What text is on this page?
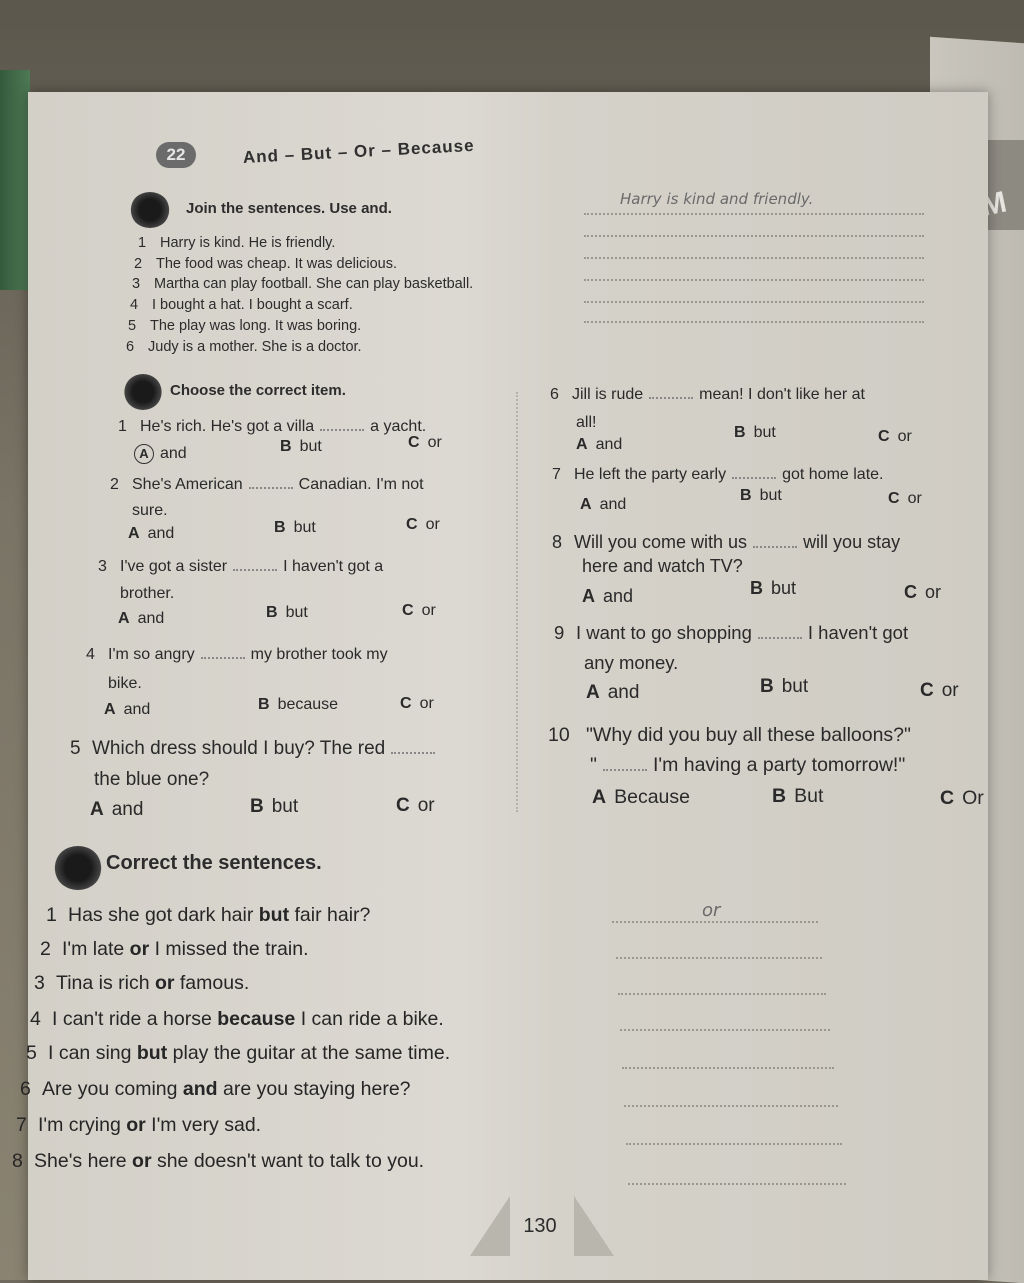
22	And – But – Or – Because
Join the sentences. Use and.
1 Harry is kind. He is friendly.
2 The food was cheap. It was delicious.
3 Martha can play football. She can play basketball.
4 I bought a hat. I bought a scarf.
5 The play was long. It was boring.
6 Judy is a mother. She is a doctor.
Harry is kind and friendly.
Choose the correct item.
1 He's rich. He's got a villa	a yacht.
A and	B but	C or
2 She's American	Canadian. I'm not
sure.
A and	B but	C or
3 I've got a sister	I haven't got a
brother.
A and	B but	C or
4 I'm so angry	my brother took my
bike.
A and	B because	C or
5 Which dress should I buy? The red
the blue one?
A and	B but	C or
6 Jill is rude	mean! I don't like her at
all!
A and
B but	C or
7 He left the party early	got home late.
A and
B but	C or
8 Will you come with us	will you stay
here and watch TV?
A and	B but	C or
9 I want to go shopping	I haven't got
any money.
A and	B but	C or
10 "Why did you buy all these balloons?"
"	I'm having a party tomorrow!"
A Because	B But	C Or
Correct the sentences.
1 Has she got dark hair but fair hair?
2 I'm late or I missed the train.
3 Tina is rich or famous.
4 I can't ride a horse because I can ride a bike.
5 I can sing but play the guitar at the same time.
6 Are you coming and are you staying here?
7 I'm crying or I'm very sad.
8 She's here or she doesn't want to talk to you.
or
130
